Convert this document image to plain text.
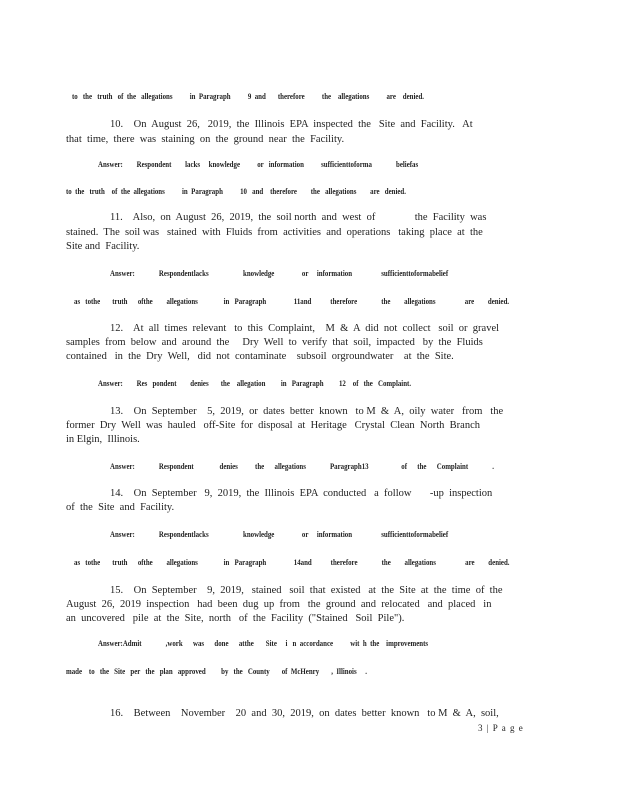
to   the   truth   of  the   allegations          in  Paragraph          9  and       therefore          the    allegations          are    denied.
10.    On  August  26,   2019,  the  Illinois  EPA  inspected  the   Site  and  Facility.   At
that  time,  there  was  staining  on  the  ground  near  the  Facility.
Answer:        Respondent        lacks     knowledge          or   information          sufficienttoforma              beliefas
to  the   truth    of  the  allegations          in  Paragraph          10   and    therefore        the   allegations        are   denied.
11.    Also,  on  August  26,  2019,  the  soil north  and  west  of               the  Facility  was
stained.  The  soil was   stained  with  Fluids  from  activities  and  operations   taking  place  at  the
Site and  Facility.
Answer:              Respondentlacks                    knowledge                or     information                 sufficienttoformabelief
as   tothe       truth      ofthe        allegations               in   Paragraph                11and           therefore              the        allegations                 are        denied.
12.    At  all  times  relevant   to  this  Complaint,    M  &  A  did  not  collect   soil  or  gravel
samples  from  below  and  around  the     Dry  Well  to  verify  that  soil,  impacted   by  the  Fluids
contained   in  the  Dry  Well,   did  not  contaminate    subsoil  orgroundwater    at  the  Site.
Answer:        Res   pondent        denies       the    allegation         in   Paragraph         12    of   the   Complaint.
13.    On  September    5,  2019,  or  dates  better  known   to M  &  A,  oily  water   from   the
former  Dry  Well  was  hauled   off-Site  for  disposal  at  Heritage   Crystal  Clean  North  Branch
in Elgin,  Illinois.
Answer:              Respondent               denies          the      allegations              Paragraph13                   of      the      Complaint              .
14.    On  September   9,  2019,  the  Illinois  EPA  conducted   a  follow       -up  inspection
of  the  Site  and  Facility.
Answer:              Respondentlacks                    knowledge                or     information                 sufficienttoformabelief
as   tothe       truth      ofthe        allegations               in   Paragraph                14and           therefore              the        allegations                 are        denied.
15.    On  September    9,  2019,   stained   soil  that  existed   at  the  Site  at  the  time  of  the
August  26,  2019  inspection   had  been  dug  up  from   the  ground  and  relocated   and  placed   in
an  uncovered   pile  at  the  Site,  north   of  the  Facility  ("Stained   Soil  Pile").
Answer:Admit              ,work      was      done      atthe       Site     i   n  accordance          wit  h  the    improvements
made    to   the   Site   per   the   plan   approved         by   the   County       of  McHenry       ,  Illinois     .
16.    Between    November    20  and  30,  2019,  on  dates  better  known   to M  &  A,  soil,
3 | P a g e
